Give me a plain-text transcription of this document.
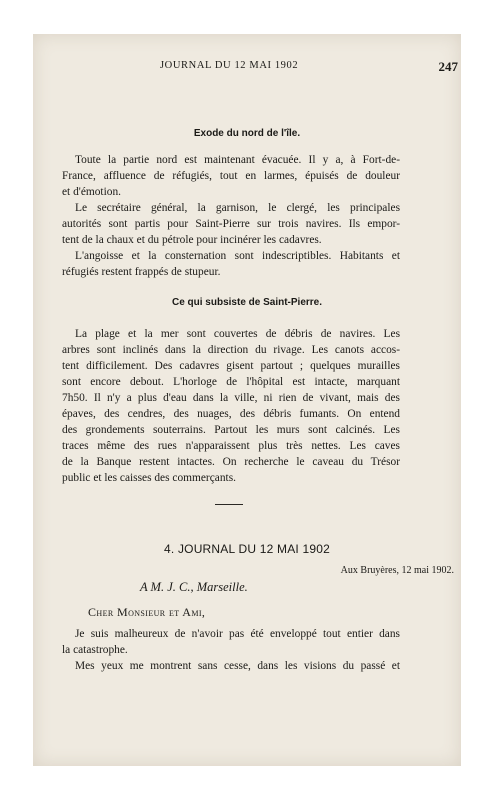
JOURNAL DU 12 MAI 1902	247
Exode du nord de l'île.

Toute la partie nord est maintenant évacuée. Il y a, à Fort-de-
France, affluence de réfugiés, tout en larmes, épuisés de douleur
et d'émotion.

Le secrétaire général, la garnison, le clergé, les principales
autorités sont partis pour Saint-Pierre sur trois navires. Ils empor-
tent de la chaux et du pétrole pour incinérer les cadavres.

L'angoisse et la consternation sont indescriptibles. Habitants et
réfugiés restent frappés de stupeur.

Ce qui subsiste de Saint-Pierre.

La plage et la mer sont couvertes de débris de navires. Les
arbres sont inclinés dans la direction du rivage. Les canots accos-
tent difficilement. Des cadavres gisent partout ; quelques murailles
sont encore debout. L'horloge de l'hôpital est intacte, marquant
7h50. Il n'y a plus d'eau dans la ville, ni rien de vivant, mais des
épaves, des cendres, des nuages, des débris fumants. On entend
des grondements souterrains. Partout les murs sont calcinés. Les
traces même des rues n'apparaissent plus très nettes. Les caves
de la Banque restent intactes. On recherche le caveau du Trésor
public et les caisses des commerçants.

4. JOURNAL DU 12 MAI 1902
Aux Bruyères, 12 mai 1902.
A M. J. C., Marseille.
Cher Monsieur et Ami,

Je suis malheureux de n'avoir pas été enveloppé tout entier dans
la catastrophe.

Mes yeux me montrent sans cesse, dans les visions du passé et
